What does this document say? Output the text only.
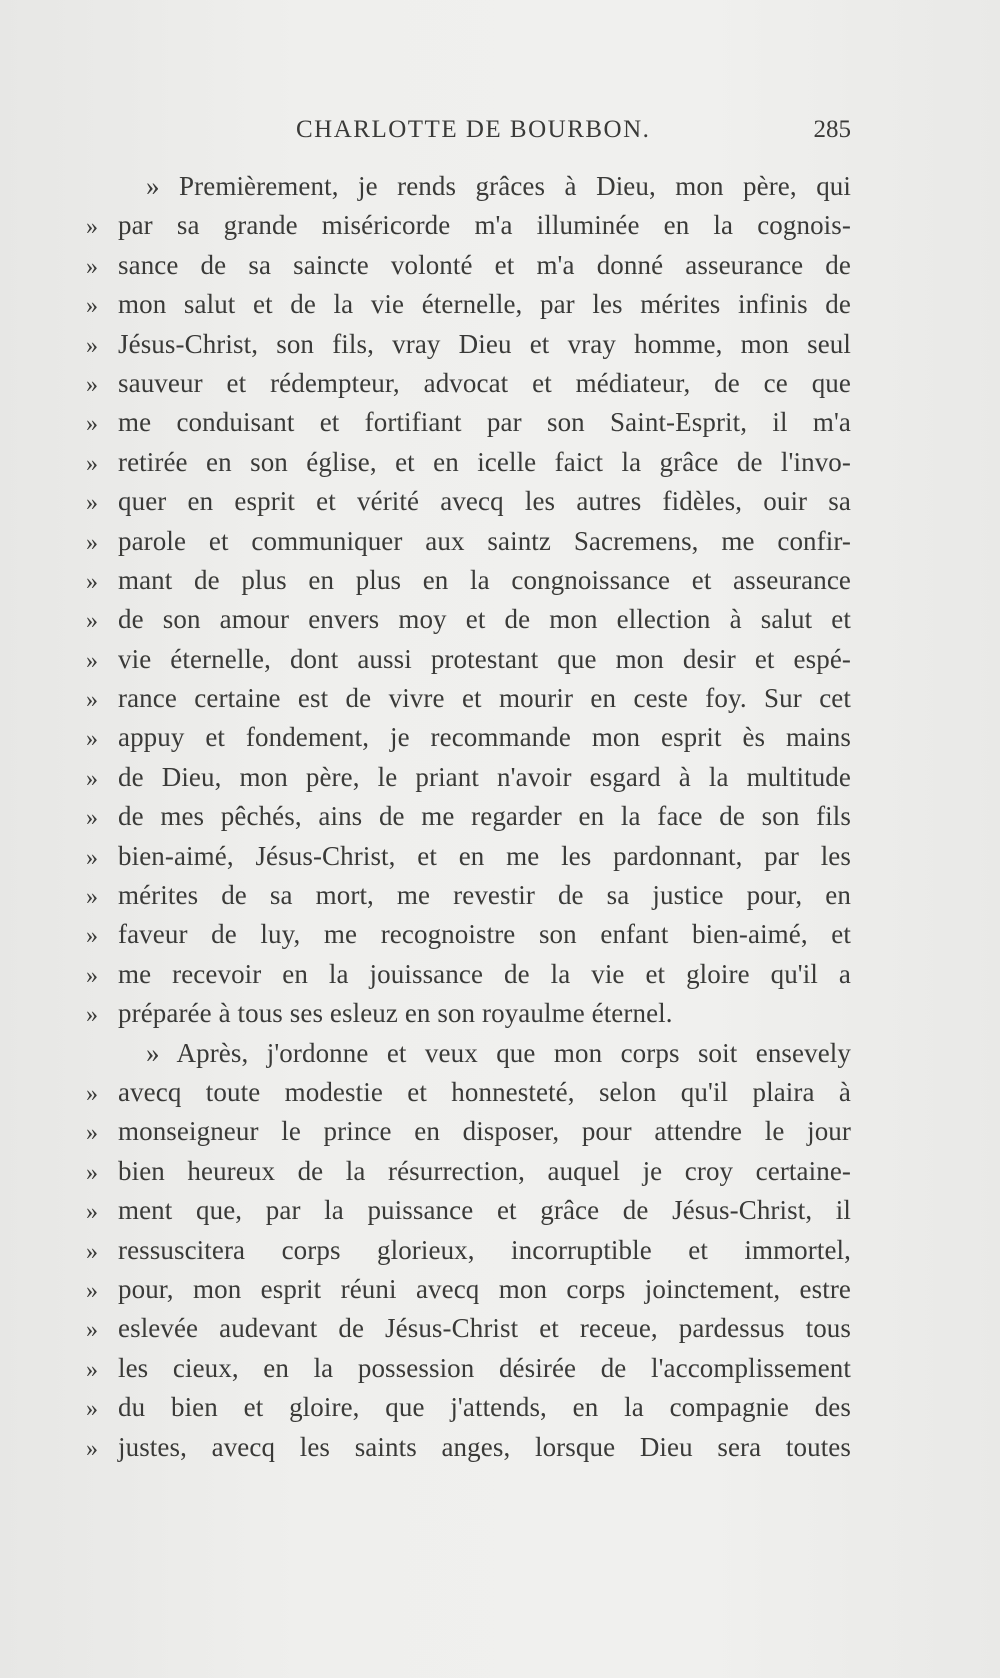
CHARLOTTE DE BOURBON.	285
» Premièrement, je rends grâces à Dieu, mon père, qui
» par sa grande miséricorde m'a illuminée en la cognois-
» sance de sa saincte volonté et m'a donné asseurance de
» mon salut et de la vie éternelle, par les mérites infinis de
» Jésus-Christ, son fils, vray Dieu et vray homme, mon seul
» sauveur et rédempteur, advocat et médiateur, de ce que
» me conduisant et fortifiant par son Saint-Esprit, il m'a
» retirée en son église, et en icelle faict la grâce de l'invo-
» quer en esprit et vérité avecq les autres fidèles, ouir sa
» parole et communiquer aux saintz Sacremens, me confir-
» mant de plus en plus en la congnoissance et asseurance
» de son amour envers moy et de mon ellection à salut et
» vie éternelle, dont aussi protestant que mon desir et espé-
» rance certaine est de vivre et mourir en ceste foy. Sur cet
» appuy et fondement, je recommande mon esprit ès mains
» de Dieu, mon père, le priant n'avoir esgard à la multitude
» de mes pêchés, ains de me regarder en la face de son fils
» bien-aimé, Jésus-Christ, et en me les pardonnant, par les
» mérites de sa mort, me revestir de sa justice pour, en
» faveur de luy, me recognoistre son enfant bien-aimé, et
» me recevoir en la jouissance de la vie et gloire qu'il a
» préparée à tous ses esleuz en son royaulme éternel.
» Après, j'ordonne et veux que mon corps soit ensevely
» avecq toute modestie et honnesteté, selon qu'il plaira à
» monseigneur le prince en disposer, pour attendre le jour
» bien heureux de la résurrection, auquel je croy certaine-
» ment que, par la puissance et grâce de Jésus-Christ, il
» ressuscitera corps glorieux, incorruptible et immortel,
» pour, mon esprit réuni avecq mon corps joinctement, estre
» eslevée audevant de Jésus-Christ et receue, pardessus tous
» les cieux, en la possession désirée de l'accomplissement
» du bien et gloire, que j'attends, en la compagnie des
» justes, avecq les saints anges, lorsque Dieu sera toutes
